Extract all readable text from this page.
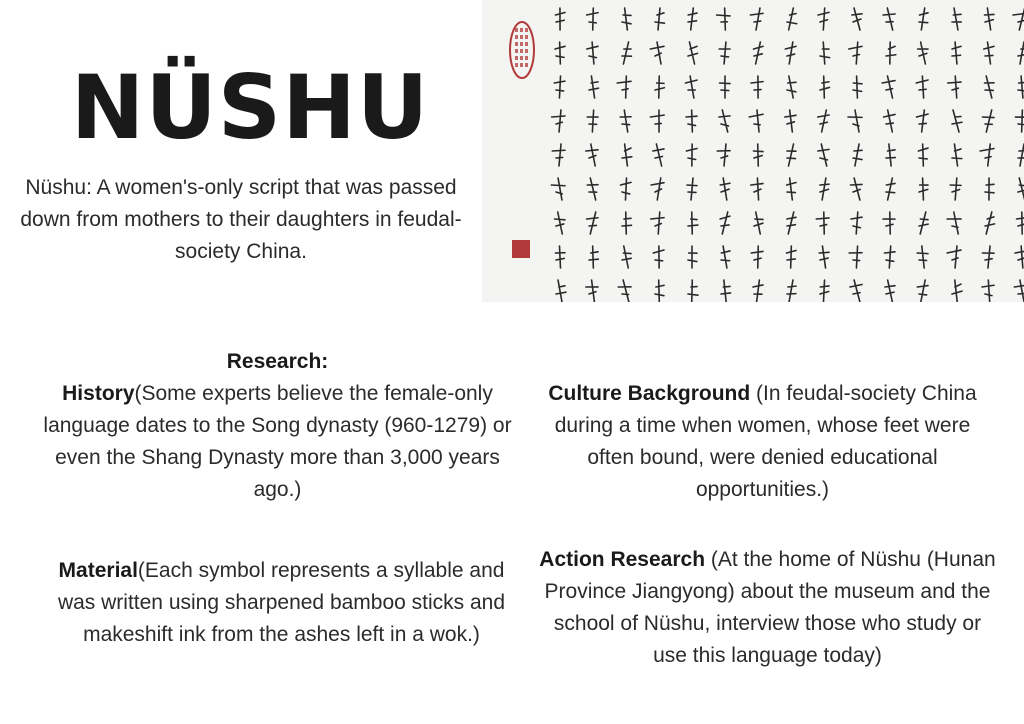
NÜSHU
Nüshu: A women's-only script that was passed down from mothers to their daughters in feudal-society China.
Research:
History(Some experts believe the female-only language dates to the Song dynasty (960-1279) or even the Shang Dynasty more than 3,000 years ago.)
Culture Background (In feudal-society China during a time when women, whose feet were often bound, were denied educational opportunities.)
Material(Each symbol represents a syllable and was written using sharpened bamboo sticks and makeshift ink from the ashes left in a wok.)
Action Research (At the home of Nüshu (Hunan Province Jiangyong) about the museum and the school of Nüshu, interview those who study or use this language today)
